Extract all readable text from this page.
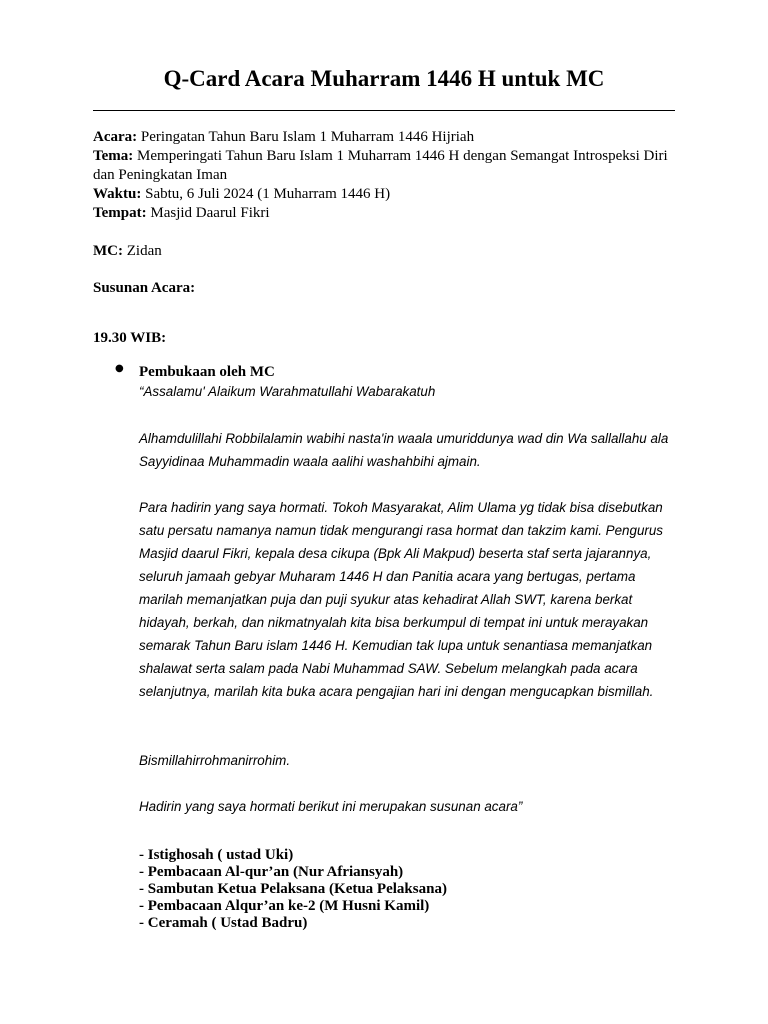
Q-Card Acara Muharram 1446 H untuk MC

Acara: Peringatan Tahun Baru Islam 1 Muharram 1446 Hijriah

Tema: Memperingati Tahun Baru Islam 1 Muharram 1446 H dengan Semangat Introspeksi Diri dan Peningkatan Iman

Waktu: Sabtu, 6 Juli 2024 (1 Muharram 1446 H)

Tempat: Masjid Daarul Fikri

MC: Zidan
Susunan Acara:
19.30 WIB:
● Pembukaan oleh MC

“Assalamu' Alaikum Warahmatullahi Wabarakatuh

Alhamdulillahi Robbilalamin wabihi nasta'in waala umuriddunya wad din Wa sallallahu ala Sayyidinaa Muhammadin waala aalihi washahbihi ajmain.

Para hadirin yang saya hormati. Tokoh Masyarakat, Alim Ulama yg tidak bisa disebutkan satu persatu namanya namun tidak mengurangi rasa hormat dan takzim kami. Pengurus Masjid daarul Fikri, kepala desa cikupa (Bpk Ali Makpud) beserta staf serta jajarannya, seluruh jamaah gebyar Muharam 1446 H dan Panitia acara yang bertugas, pertama marilah memanjatkan puja dan puji syukur atas kehadirat Allah SWT, karena berkat hidayah, berkah, dan nikmatnyalah kita bisa berkumpul di tempat ini untuk merayakan semarak Tahun Baru islam 1446 H. Kemudian tak lupa untuk senantiasa memanjatkan shalawat serta salam pada Nabi Muhammad SAW. Sebelum melangkah pada acara selanjutnya, marilah kita buka acara pengajian hari ini dengan mengucapkan bismillah.

Bismillahirrohmanirrohim.

Hadirin yang saya hormati berikut ini merupakan susunan acara”

- Istighosah ( ustad Uki)
- Pembacaan Al-qur’an (Nur Afriansyah)
- Sambutan Ketua Pelaksana (Ketua Pelaksana)
- Pembacaan Alqur’an ke-2 (M Husni Kamil)
- Ceramah ( Ustad Badru)
